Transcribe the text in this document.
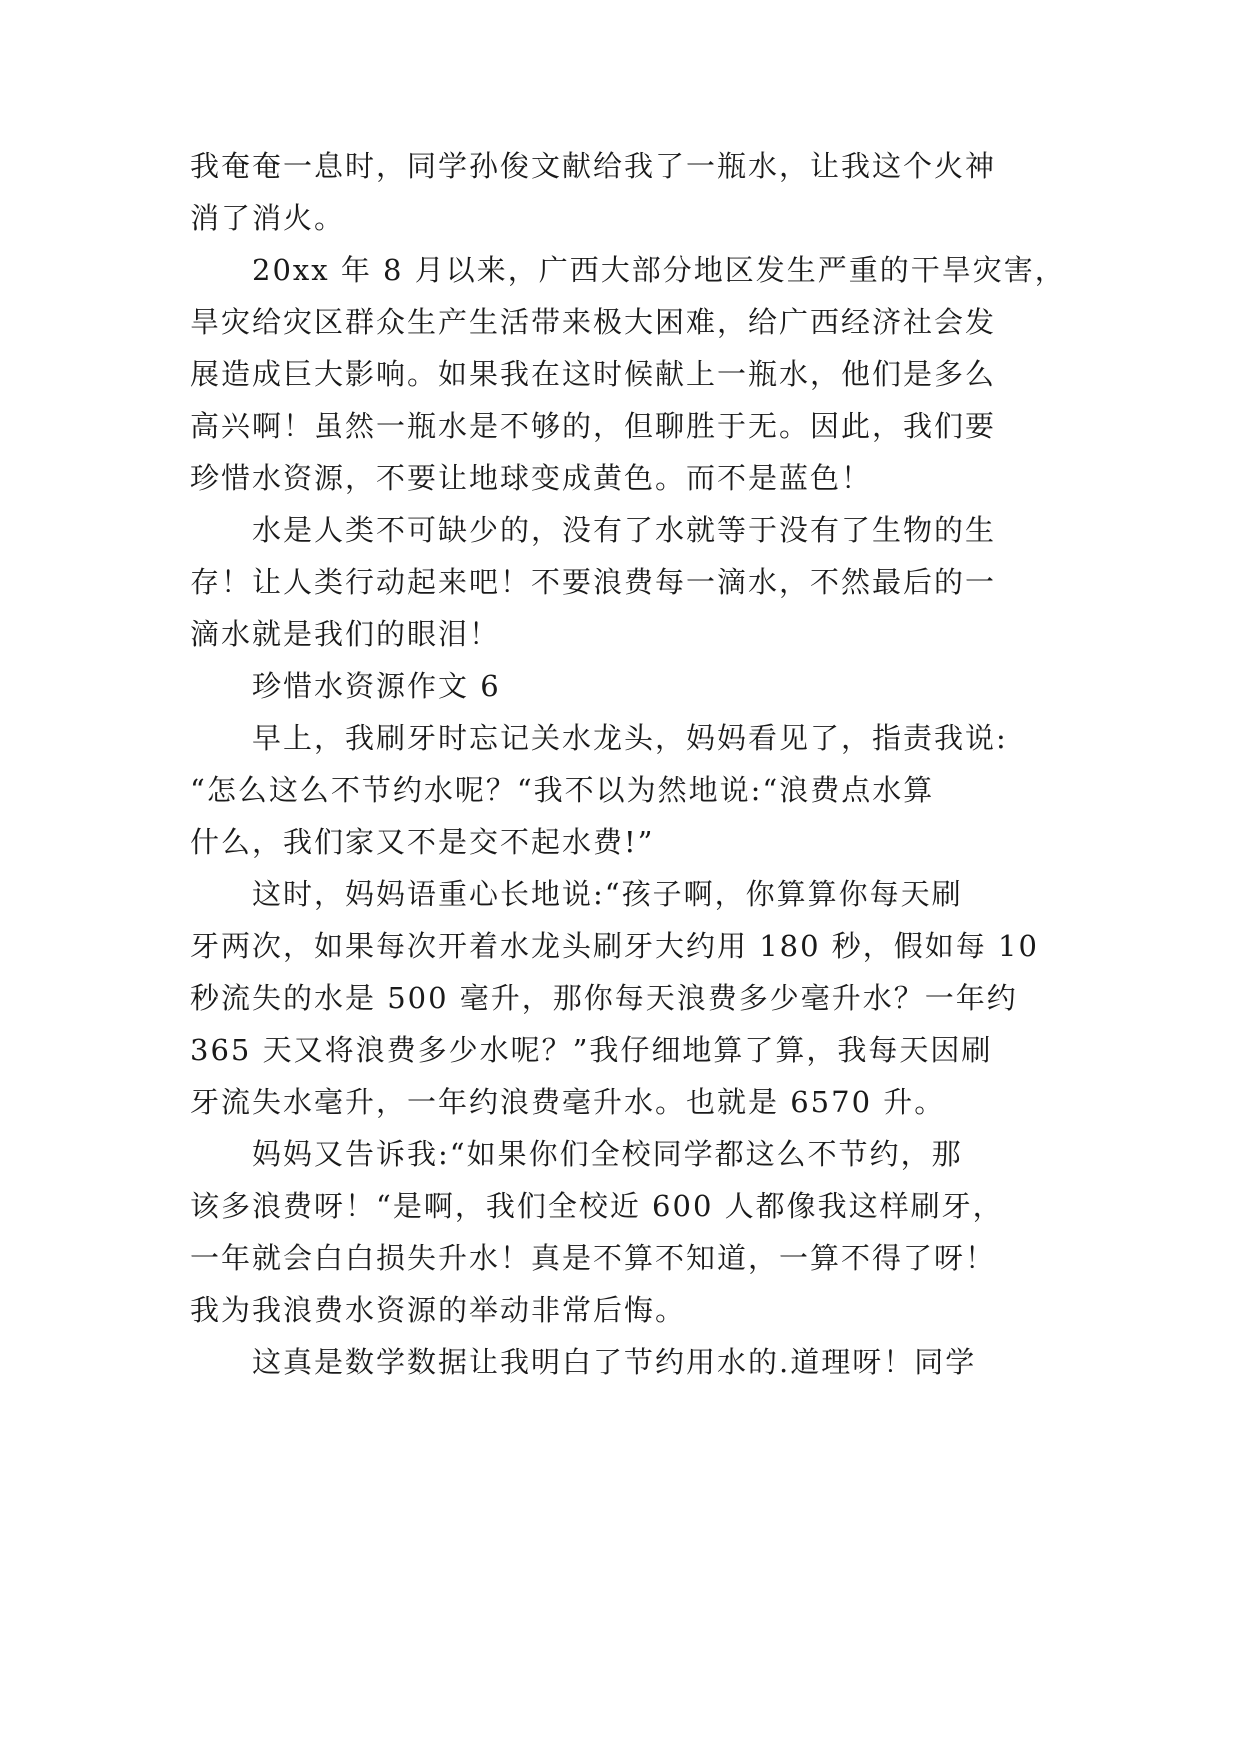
我奄奄一息时，同学孙俊文献给我了一瓶水，让我这个火神
消了消火。
20xx 年 8 月以来，广西大部分地区发生严重的干旱灾害，
旱灾给灾区群众生产生活带来极大困难，给广西经济社会发
展造成巨大影响。如果我在这时候献上一瓶水，他们是多么
高兴啊！虽然一瓶水是不够的，但聊胜于无。因此，我们要
珍惜水资源，不要让地球变成黄色。而不是蓝色！
水是人类不可缺少的，没有了水就等于没有了生物的生
存！让人类行动起来吧！不要浪费每一滴水，不然最后的一
滴水就是我们的眼泪！
珍惜水资源作文 6
早上，我刷牙时忘记关水龙头，妈妈看见了，指责我说:
“怎么这么不节约水呢？“我不以为然地说:“浪费点水算
什么，我们家又不是交不起水费!”
这时，妈妈语重心长地说:“孩子啊，你算算你每天刷
牙两次，如果每次开着水龙头刷牙大约用 180 秒，假如每 10
秒流失的水是 500 毫升，那你每天浪费多少毫升水？一年约
365 天又将浪费多少水呢？”我仔细地算了算，我每天因刷
牙流失水毫升，一年约浪费毫升水。也就是 6570 升。
妈妈又告诉我:“如果你们全校同学都这么不节约，那
该多浪费呀！“是啊，我们全校近 600 人都像我这样刷牙，
一年就会白白损失升水！真是不算不知道，一算不得了呀！
我为我浪费水资源的举动非常后悔。
这真是数学数据让我明白了节约用水的.道理呀！同学
